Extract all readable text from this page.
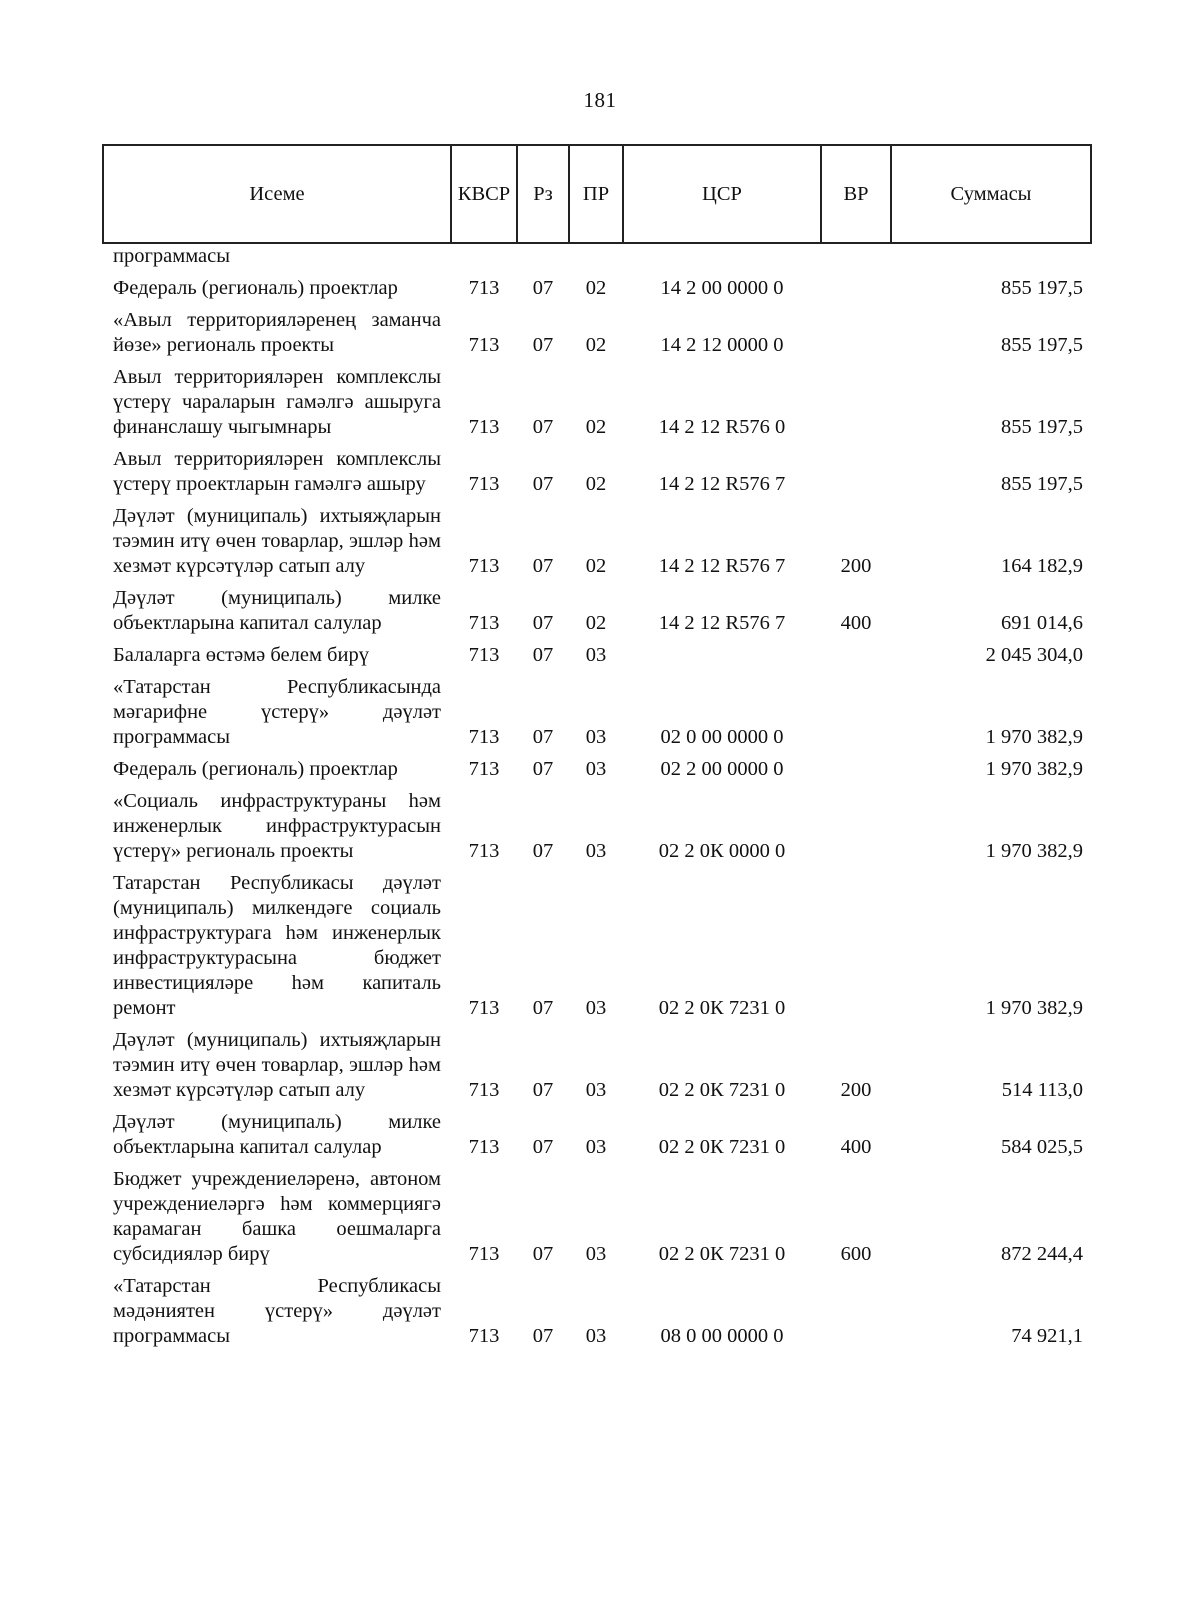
181
Исеме	КВСР	Рз	ПР	ЦСР	ВР	Суммасы
программасы						
Федераль (региональ) проектлар	713	07	02	14 2 00 0000 0		855 197,5
«Авыл территорияләренең заманча йөзе» региональ проекты	713	07	02	14 2 12 0000 0		855 197,5
Авыл территорияләрен комплекслы үстерү чараларын гамәлгә ашыруга финанслашу чыгымнары	713	07	02	14 2 12 R576 0		855 197,5
Авыл территорияләрен комплекслы үстерү проектларын гамәлгә ашыру	713	07	02	14 2 12 R576 7		855 197,5
Дәүләт (муниципаль) ихтыяҗларын тәэмин итү өчен товарлар, эшләр һәм хезмәт күрсәтүләр сатып алу	713	07	02	14 2 12 R576 7	200	164 182,9
Дәүләт (муниципаль) милке объектларына капитал салулар	713	07	02	14 2 12 R576 7	400	691 014,6
Балаларга өстәмә белем бирү	713	07	03			2 045 304,0
«Татарстан Республикасында мәгарифне үстерү» дәүләт программасы	713	07	03	02 0 00 0000 0		1 970 382,9
Федераль (региональ) проектлар	713	07	03	02 2 00 0000 0		1 970 382,9
«Социаль инфраструктураны һәм инженерлык инфраструктурасын үстерү» региональ проекты	713	07	03	02 2 0К 0000 0		1 970 382,9
Татарстан Республикасы дәүләт (муниципаль) милкендәге социаль инфраструктурага һәм инженерлык инфраструктурасына бюджет инвестицияләре һәм капиталь ремонт	713	07	03	02 2 0К 7231 0		1 970 382,9
Дәүләт (муниципаль) ихтыяҗларын тәэмин итү өчен товарлар, эшләр һәм хезмәт күрсәтүләр сатып алу	713	07	03	02 2 0К 7231 0	200	514 113,0
Дәүләт (муниципаль) милке объектларына капитал салулар	713	07	03	02 2 0К 7231 0	400	584 025,5
Бюджет учреждениеләренә, автоном учреждениеләргә һәм коммерциягә карамаган башка оешмаларга субсидияләр бирү	713	07	03	02 2 0К 7231 0	600	872 244,4
«Татарстан Республикасы мәдәниятен үстерү» дәүләт программасы	713	07	03	08 0 00 0000 0		74 921,1
